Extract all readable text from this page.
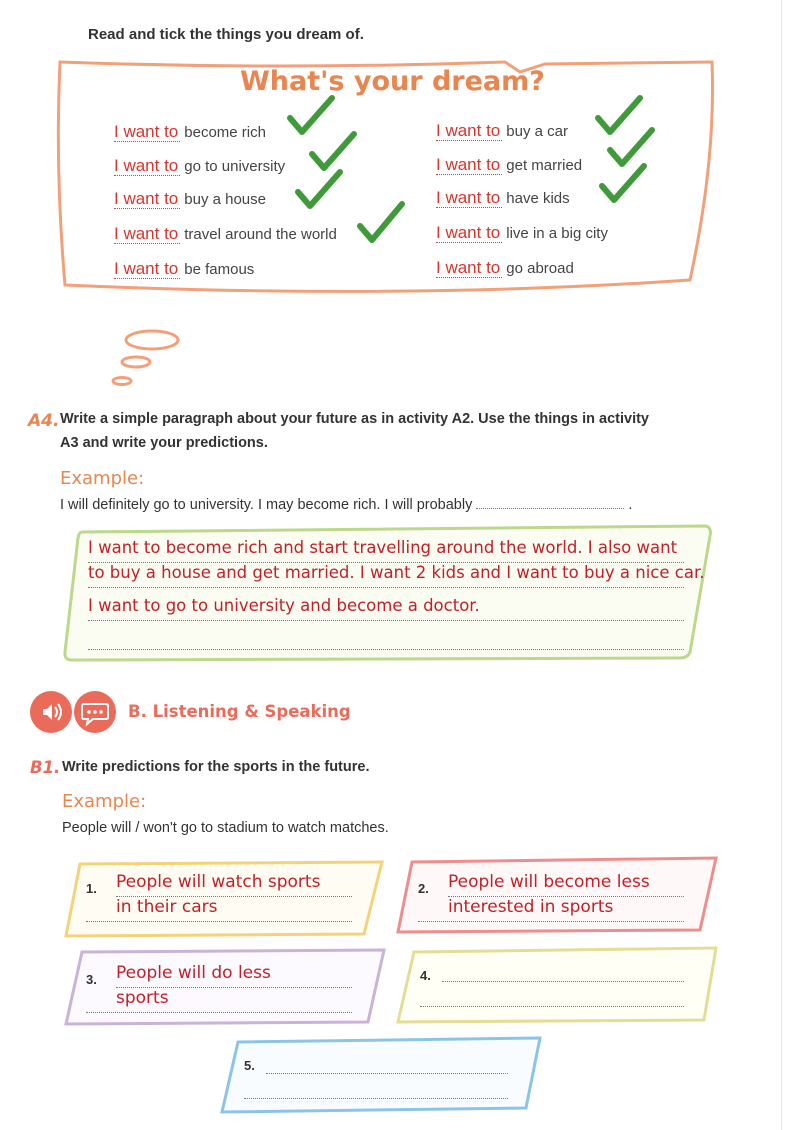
Read and tick the things you dream of.
What's your dream?
I want to become rich
I want to go to university
I want to buy a house
I want to travel around the world
I want to be famous
I want to buy a car
I want to get married
I want to have kids
I want to live in a big city
I want to go abroad
A4. Write a simple paragraph about your future as in activity A2. Use the things in activity
A3 and write your predictions.
Example:
I will definitely go to university. I may become rich. I will probably	.
I want to become rich and start travelling around the world. I also want
to buy a house and get married. I want 2 kids and I want to buy a nice car.
I want to go to university and become a doctor.
B. Listening & Speaking
B1. Write predictions for the sports in the future.
Example:
People will / won't go to stadium to watch matches.
1. People will watch sports
in their cars
2. People will become less
interested in sports
3. People will do less
sports
4.
5.
